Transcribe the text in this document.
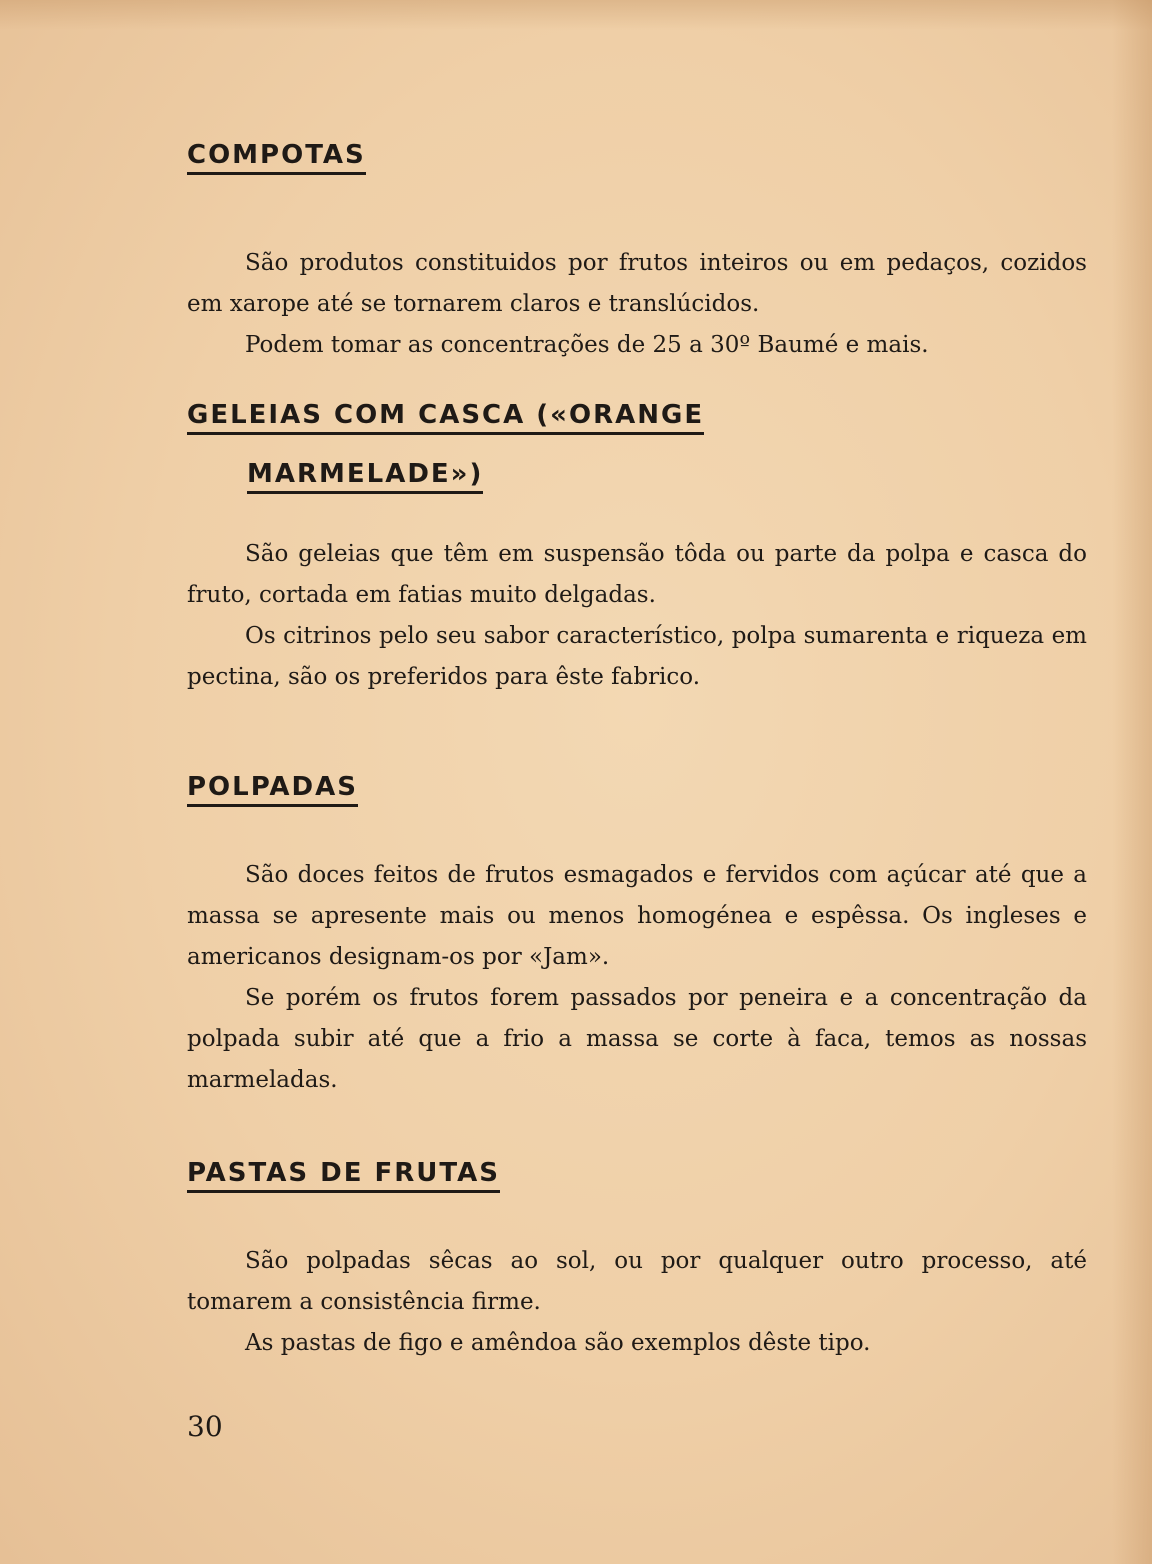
COMPOTAS

São produtos constituidos por frutos inteiros ou em pedaços, cozidos em xarope até se tornarem claros e translúcidos.

Podem tomar as concentrações de 25 a 30º Baumé e mais.

GELEIAS COM CASCA («ORANGE
MARMELADE»)

São geleias que têm em suspensão tôda ou parte da polpa e casca do fruto, cortada em fatias muito delgadas.

Os citrinos pelo seu sabor característico, polpa sumarenta e riqueza em pectina, são os preferidos para êste fabrico.

POLPADAS

São doces feitos de frutos esmagados e fervidos com açúcar até que a massa se apresente mais ou menos homogénea e espêssa. Os ingleses e americanos designam-os por «Jam».

Se porém os frutos forem passados por peneira e a concentração da polpada subir até que a frio a massa se corte à faca, temos as nossas marmeladas.

PASTAS DE FRUTAS

São polpadas sêcas ao sol, ou por qualquer outro processo, até tomarem a consistência firme.

As pastas de figo e amêndoa são exemplos dêste tipo.

30
